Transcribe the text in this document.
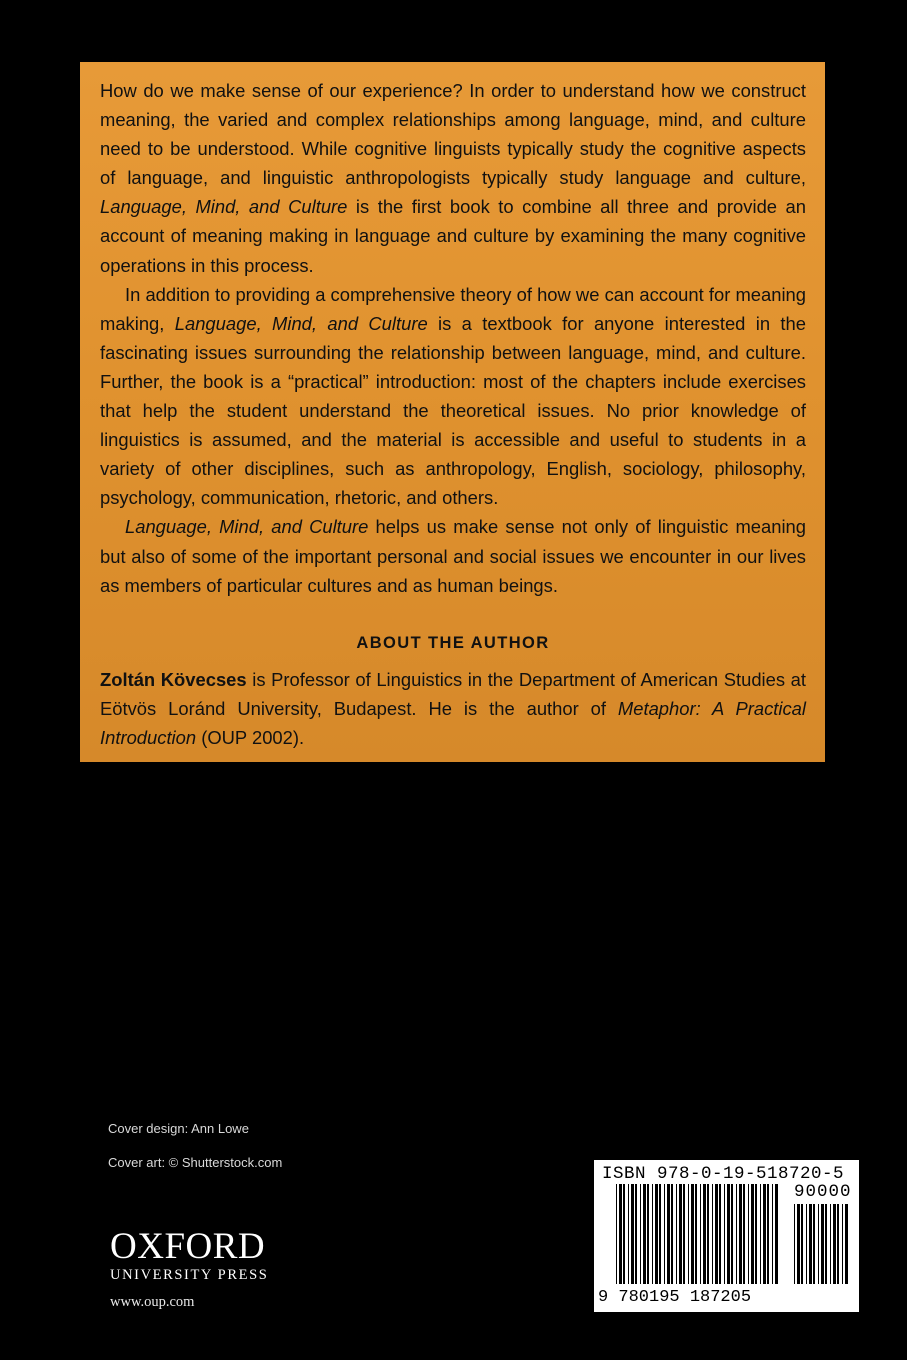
How do we make sense of our experience? In order to understand how we construct meaning, the varied and complex relationships among language, mind, and culture need to be understood. While cognitive linguists typically study the cognitive aspects of language, and linguistic anthropologists typically study language and culture, Language, Mind, and Culture is the first book to combine all three and provide an account of meaning making in language and culture by examining the many cognitive operations in this process.

In addition to providing a comprehensive theory of how we can account for meaning making, Language, Mind, and Culture is a textbook for anyone interested in the fascinating issues surrounding the relationship between language, mind, and culture. Further, the book is a “practical” introduction: most of the chapters include exercises that help the student understand the theoretical issues. No prior knowledge of linguistics is assumed, and the material is accessible and useful to students in a variety of other disciplines, such as anthropology, English, sociology, philosophy, psychology, communication, rhetoric, and others.

Language, Mind, and Culture helps us make sense not only of linguistic meaning but also of some of the important personal and social issues we encounter in our lives as members of particular cultures and as human beings.

ABOUT THE AUTHOR

Zoltán Kövecses is Professor of Linguistics in the Department of American Studies at Eötvös Loránd University, Budapest. He is the author of Metaphor: A Practical Introduction (OUP 2002).

Cover design: Ann Lowe
Cover art: © Shutterstock.com
OXFORD
UNIVERSITY PRESS
www.oup.com
ISBN 978-0-19-518720-5
90000
9 780195 187205
